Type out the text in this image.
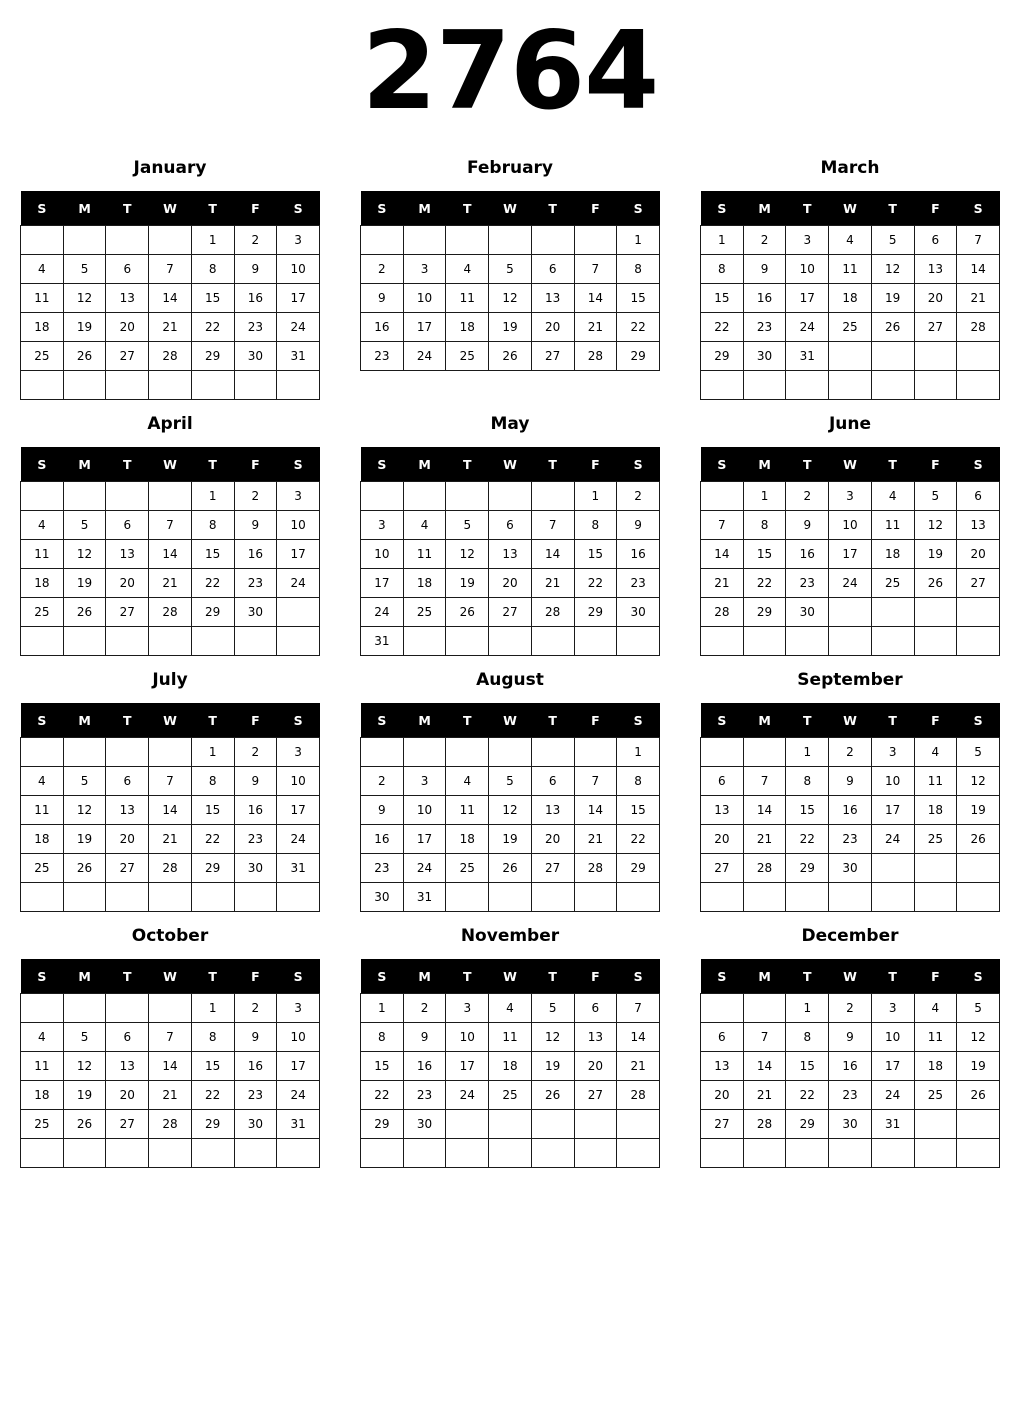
2764
January
S	M	T	W	T	F	S
				1	2	3
4	5	6	7	8	9	10
11	12	13	14	15	16	17
18	19	20	21	22	23	24
25	26	27	28	29	30	31

February
S	M	T	W	T	F	S
						1
2	3	4	5	6	7	8
9	10	11	12	13	14	15
16	17	18	19	20	21	22
23	24	25	26	27	28	29
March
S	M	T	W	T	F	S
1	2	3	4	5	6	7
8	9	10	11	12	13	14
15	16	17	18	19	20	21
22	23	24	25	26	27	28
29	30	31				

April
S	M	T	W	T	F	S
				1	2	3
4	5	6	7	8	9	10
11	12	13	14	15	16	17
18	19	20	21	22	23	24
25	26	27	28	29	30	

May
S	M	T	W	T	F	S
					1	2
3	4	5	6	7	8	9
10	11	12	13	14	15	16
17	18	19	20	21	22	23
24	25	26	27	28	29	30
31						
June
S	M	T	W	T	F	S
	1	2	3	4	5	6
7	8	9	10	11	12	13
14	15	16	17	18	19	20
21	22	23	24	25	26	27
28	29	30				

July
S	M	T	W	T	F	S
				1	2	3
4	5	6	7	8	9	10
11	12	13	14	15	16	17
18	19	20	21	22	23	24
25	26	27	28	29	30	31

August
S	M	T	W	T	F	S
						1
2	3	4	5	6	7	8
9	10	11	12	13	14	15
16	17	18	19	20	21	22
23	24	25	26	27	28	29
30	31					
September
S	M	T	W	T	F	S
		1	2	3	4	5
6	7	8	9	10	11	12
13	14	15	16	17	18	19
20	21	22	23	24	25	26
27	28	29	30			

October
S	M	T	W	T	F	S
				1	2	3
4	5	6	7	8	9	10
11	12	13	14	15	16	17
18	19	20	21	22	23	24
25	26	27	28	29	30	31

November
S	M	T	W	T	F	S
1	2	3	4	5	6	7
8	9	10	11	12	13	14
15	16	17	18	19	20	21
22	23	24	25	26	27	28
29	30					

December
S	M	T	W	T	F	S
		1	2	3	4	5
6	7	8	9	10	11	12
13	14	15	16	17	18	19
20	21	22	23	24	25	26
27	28	29	30	31		
